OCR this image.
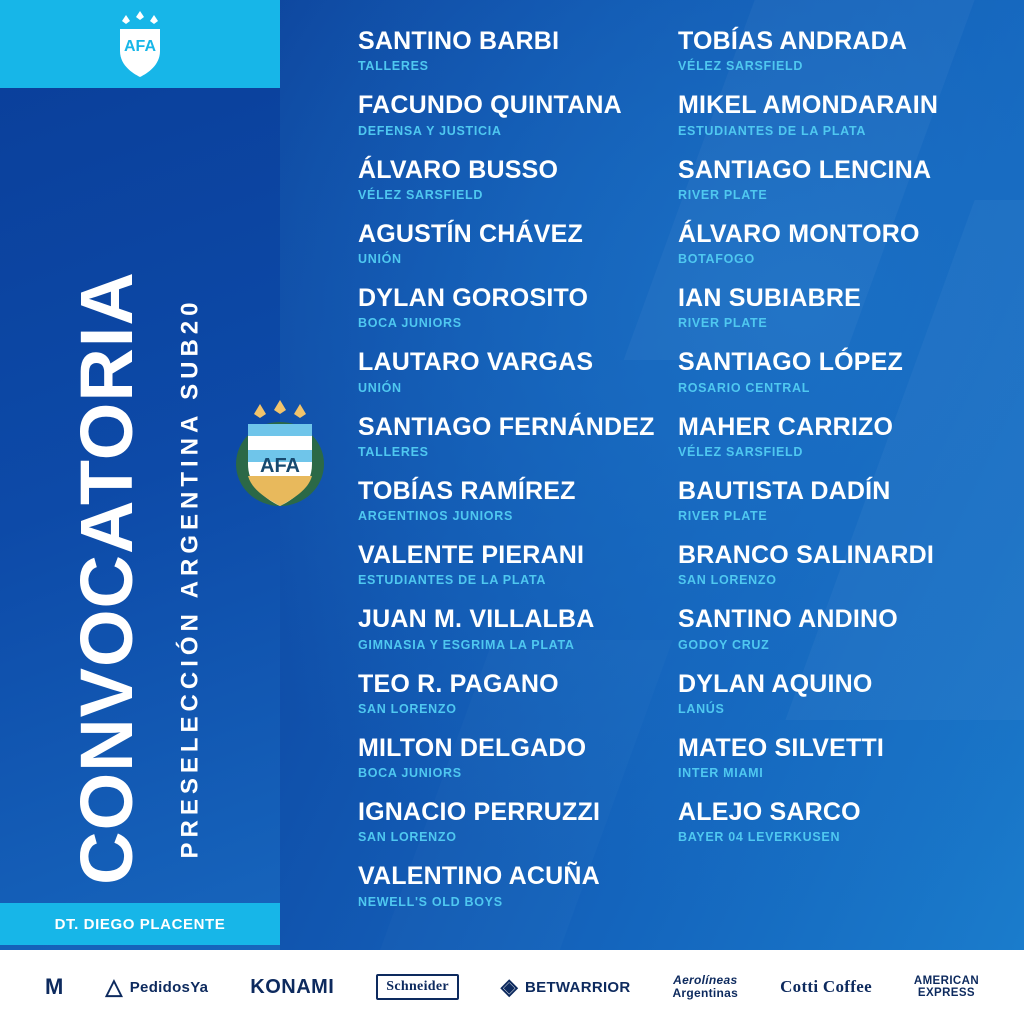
AFA
CONVOCATORIA PRESELECCIÓN ARGENTINA SUB20
DT. DIEGO PLACENTE
AFA
SANTINO BARBI
TALLERES
FACUNDO QUINTANA
DEFENSA Y JUSTICIA
ÁLVARO BUSSO
VÉLEZ SARSFIELD
AGUSTÍN CHÁVEZ
UNIÓN
DYLAN GOROSITO
BOCA JUNIORS
LAUTARO VARGAS
UNIÓN
SANTIAGO FERNÁNDEZ
TALLERES
TOBÍAS RAMÍREZ
ARGENTINOS JUNIORS
VALENTE PIERANI
ESTUDIANTES DE LA PLATA
JUAN M. VILLALBA
GIMNASIA Y ESGRIMA LA PLATA
TEO R. PAGANO
SAN LORENZO
MILTON DELGADO
BOCA JUNIORS
IGNACIO PERRUZZI
SAN LORENZO
VALENTINO ACUÑA
NEWELL'S OLD BOYS
TOBÍAS ANDRADA
VÉLEZ SARSFIELD
MIKEL AMONDARAIN
ESTUDIANTES DE LA PLATA
SANTIAGO LENCINA
RIVER PLATE
ÁLVARO MONTORO
BOTAFOGO
IAN SUBIABRE
RIVER PLATE
SANTIAGO LÓPEZ
ROSARIO CENTRAL
MAHER CARRIZO
VÉLEZ SARSFIELD
BAUTISTA DADÍN
RIVER PLATE
BRANCO SALINARDI
SAN LORENZO
SANTINO ANDINO
GODOY CRUZ
DYLAN AQUINO
LANÚS
MATEO SILVETTI
INTER MIAMI
ALEJO SARCO
BAYER 04 LEVERKUSEN
M △ PedidosYa KONAMI	Schneider ◈ BETWARRIOR	Aerolíneas
Argentinas Cotti Coffee	AMERICAN
EXPRESS
